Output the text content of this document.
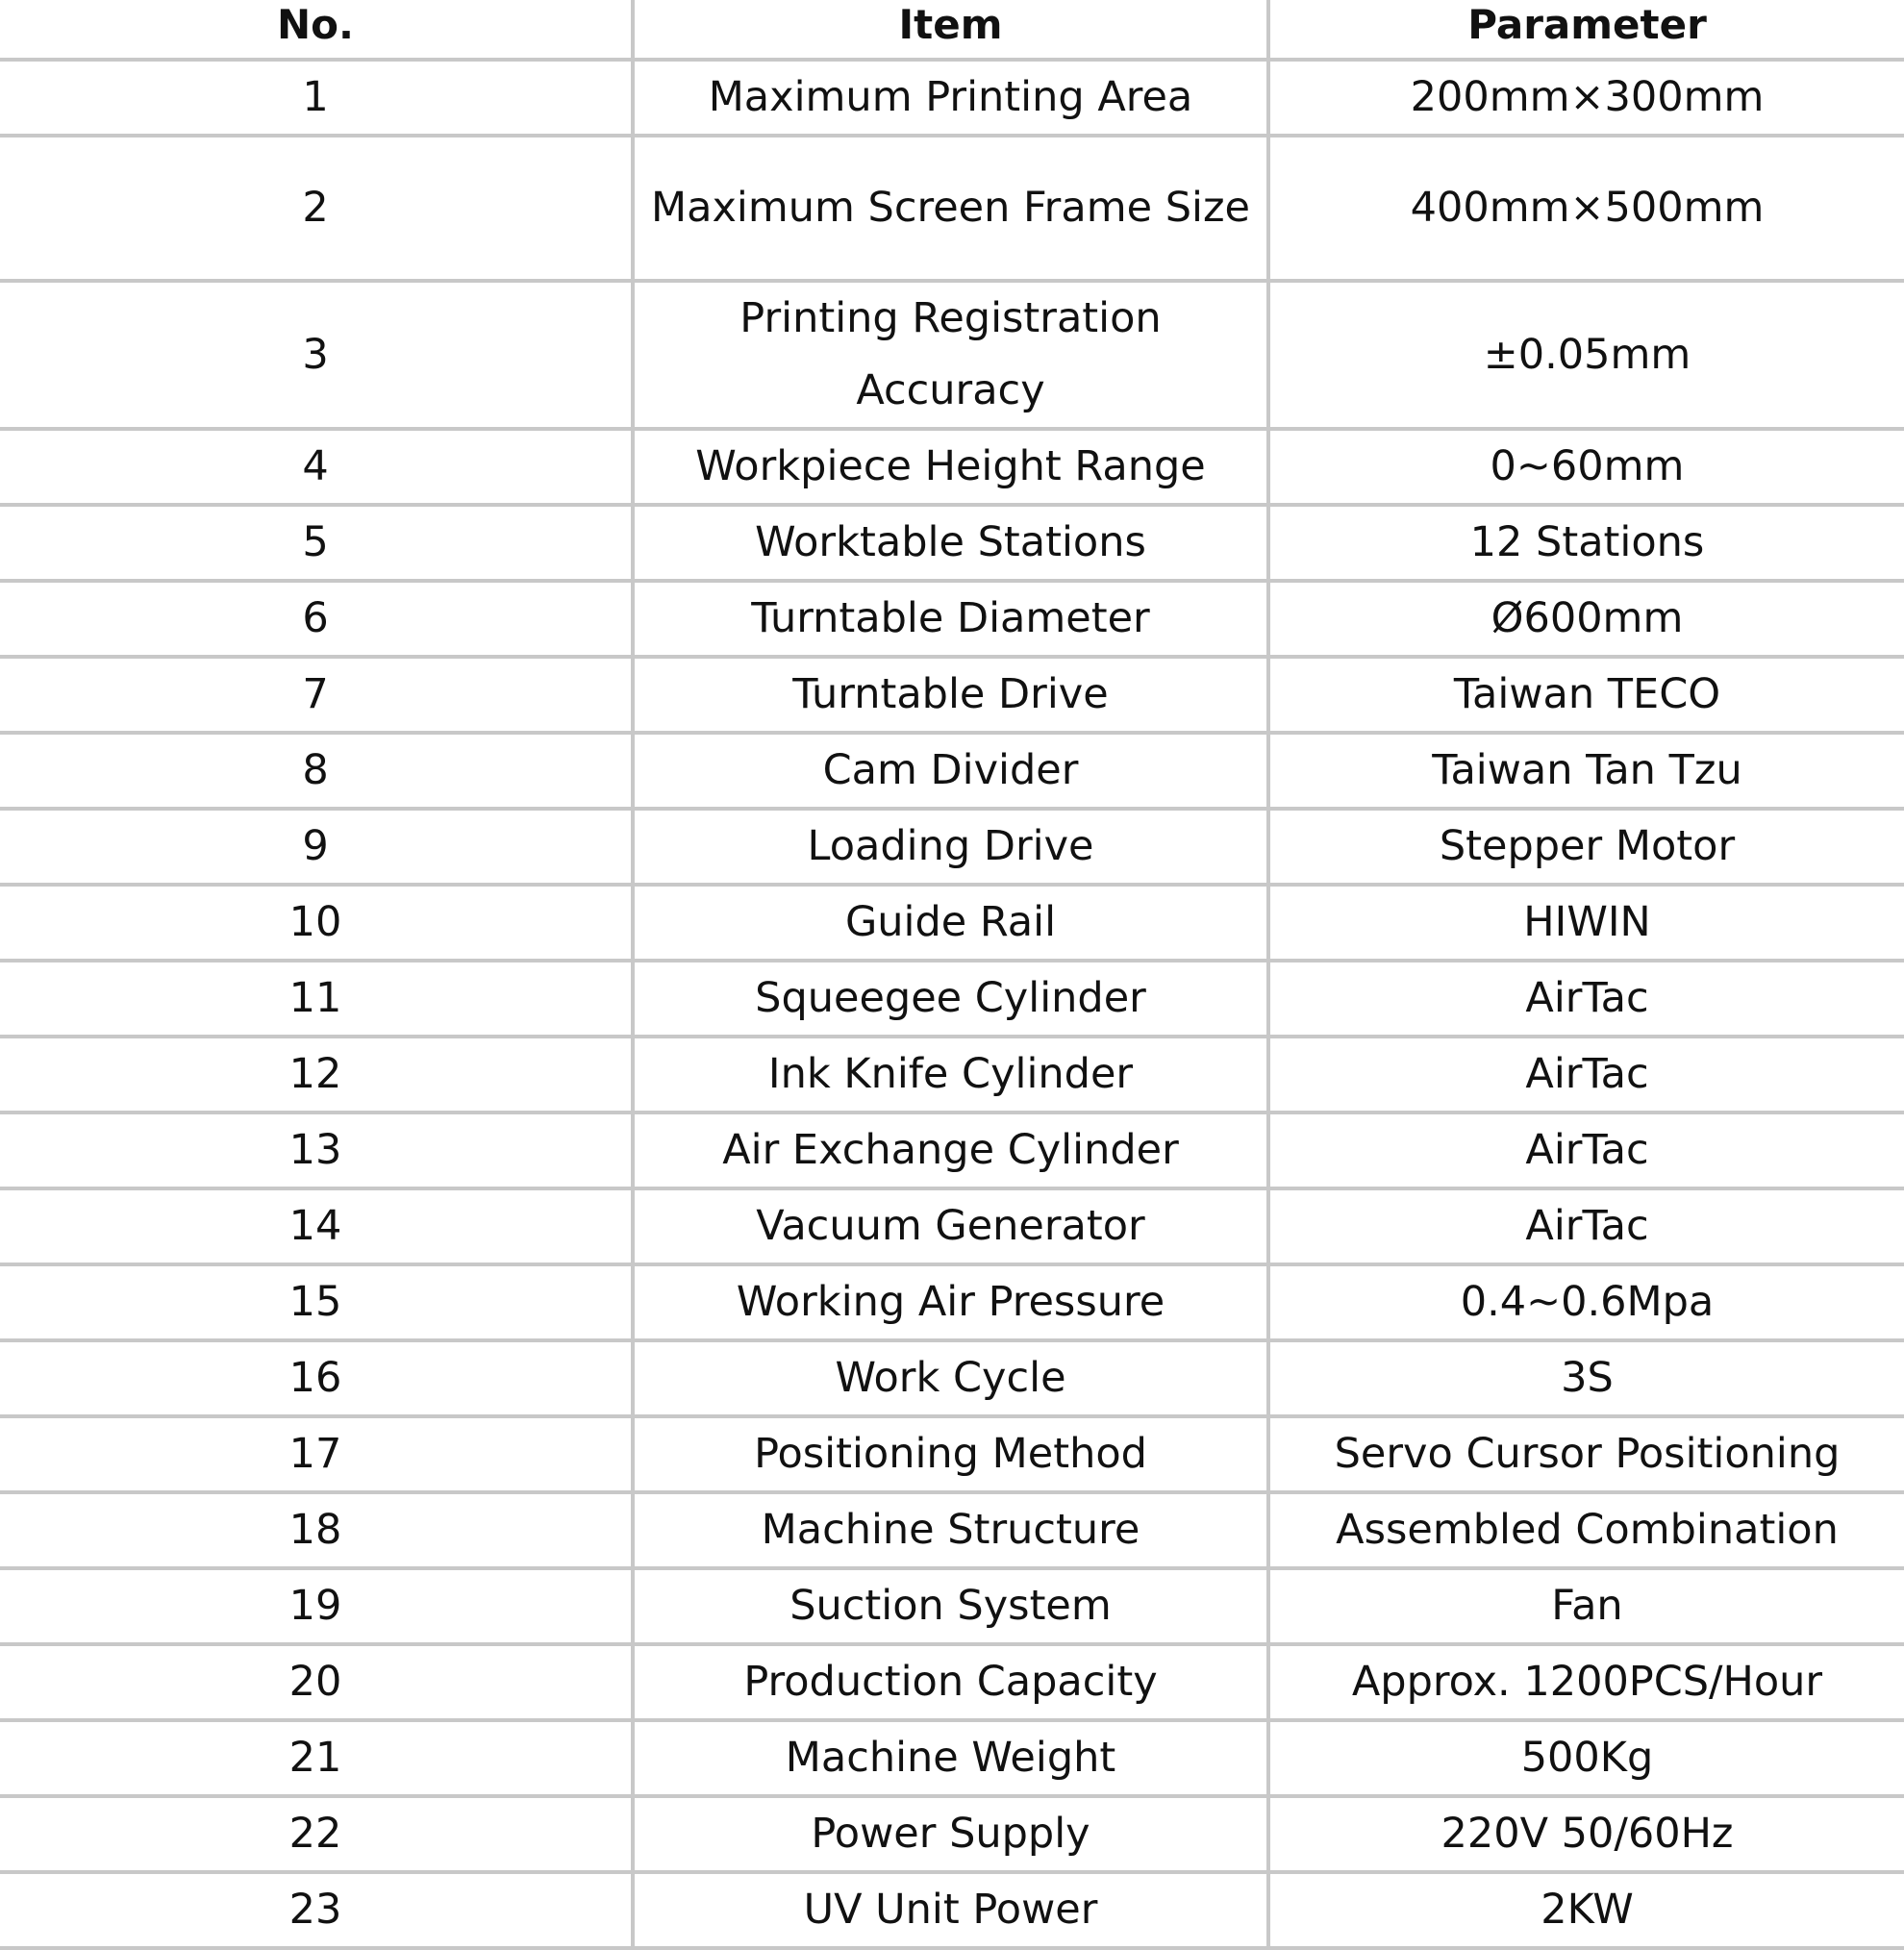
No.	Item	Parameter
1	Maximum Printing Area	200mm×300mm
2	Maximum Screen Frame Size	400mm×500mm
3	Printing Registration Accuracy	±0.05mm
4	Workpiece Height Range	0~60mm
5	Worktable Stations	12 Stations
6	Turntable Diameter	Ø600mm
7	Turntable Drive	Taiwan TECO
8	Cam Divider	Taiwan Tan Tzu
9	Loading Drive	Stepper Motor
10	Guide Rail	HIWIN
11	Squeegee Cylinder	AirTac
12	Ink Knife Cylinder	AirTac
13	Air Exchange Cylinder	AirTac
14	Vacuum Generator	AirTac
15	Working Air Pressure	0.4~0.6Mpa
16	Work Cycle	3S
17	Positioning Method	Servo Cursor Positioning
18	Machine Structure	Assembled Combination
19	Suction System	Fan
20	Production Capacity	Approx. 1200PCS/Hour
21	Machine Weight	500Kg
22	Power Supply	220V 50/60Hz
23	UV Unit Power	2KW
